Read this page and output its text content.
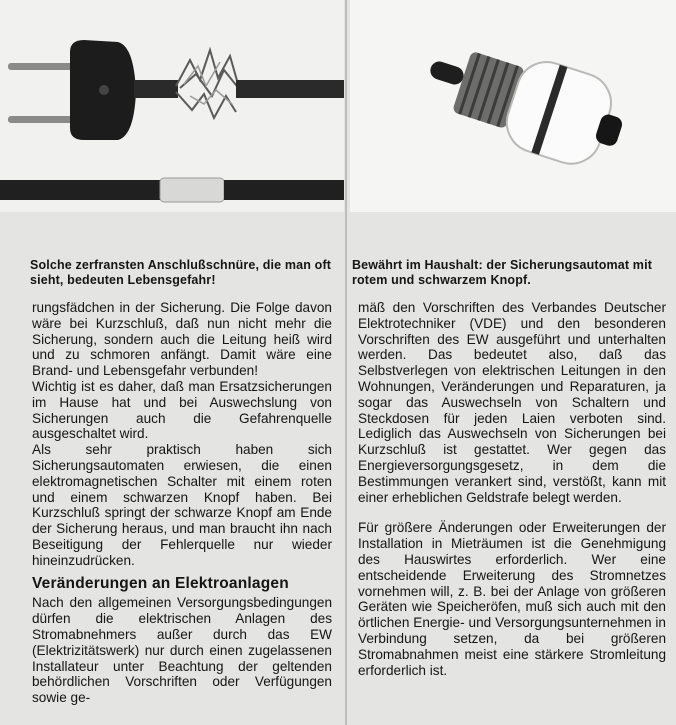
Solche zerfransten Anschlußschnüre, die man oft sieht, bedeuten Lebensgefahr!

Bewährt im Haushalt: der Sicherungsautomat mit rotem und schwarzem Knopf.

rungsfädchen in der Sicherung. Die Folge davon wäre bei Kurzschluß, daß nun nicht mehr die Sicherung, sondern auch die Leitung heiß wird und zu schmoren anfängt. Damit wäre eine Brand- und Lebensgefahr verbunden!

Wichtig ist es daher, daß man Ersatzsicherungen im Hause hat und bei Auswechslung von Sicherungen auch die Gefahrenquelle ausgeschaltet wird.

Als sehr praktisch haben sich Sicherungsautomaten erwiesen, die einen elektromagnetischen Schalter mit einem roten und einem schwarzen Knopf haben. Bei Kurzschluß springt der schwarze Knopf am Ende der Sicherung heraus, und man braucht ihn nach Beseitigung der Fehlerquelle nur wieder hineinzudrücken.

Veränderungen an Elektroanlagen

Nach den allgemeinen Versorgungsbedingungen dürfen die elektrischen Anlagen des Stromabnehmers außer durch das EW (Elektrizitätswerk) nur durch einen zugelassenen Installateur unter Beachtung der geltenden behördlichen Vorschriften oder Verfügungen sowie ge-

mäß den Vorschriften des Verbandes Deutscher Elektrotechniker (VDE) und den besonderen Vorschriften des EW ausgeführt und unterhalten werden. Das bedeutet also, daß das Selbstverlegen von elektrischen Leitungen in den Wohnungen, Veränderungen und Reparaturen, ja sogar das Auswechseln von Schaltern und Steckdosen für jeden Laien verboten sind. Lediglich das Auswechseln von Sicherungen bei Kurzschluß ist gestattet. Wer gegen das Energieversorgungsgesetz, in dem die Bestimmungen verankert sind, verstößt, kann mit einer erheblichen Geldstrafe belegt werden.

Für größere Änderungen oder Erweiterungen der Installation in Mieträumen ist die Genehmigung des Hauswirtes erforderlich. Wer eine entscheidende Erweiterung des Stromnetzes vornehmen will, z. B. bei der Anlage von größeren Geräten wie Speicheröfen, muß sich auch mit den örtlichen Energie- und Versorgungsunternehmen in Verbindung setzen, da bei größeren Stromabnahmen meist eine stärkere Stromleitung erforderlich ist.
